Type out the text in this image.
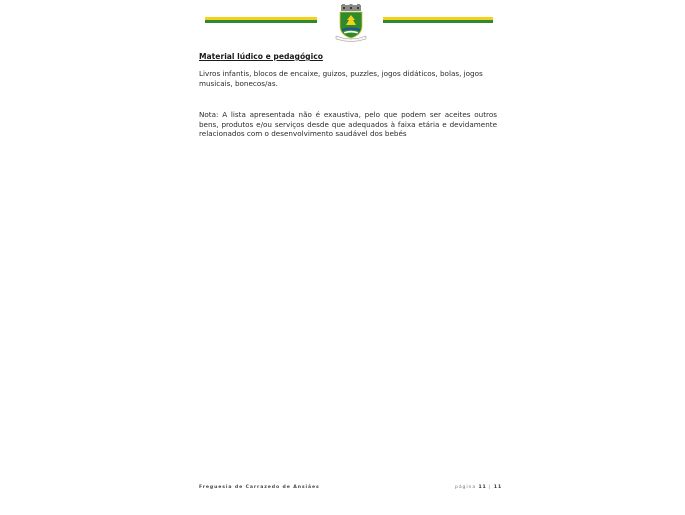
Material lúdico e pedagógico
Livros infantis, blocos de encaixe, guizos, puzzles, jogos didáticos, bolas, jogos musicais, bonecos/as.
Nota: A lista apresentada não é exaustiva, pelo que podem ser aceites outros bens, produtos e/ou serviços desde que adequados à faixa etária e devidamente relacionados com o desenvolvimento saudável dos bebés
Freguesia de Carrazedo de Ansiães	página 11 | 11
